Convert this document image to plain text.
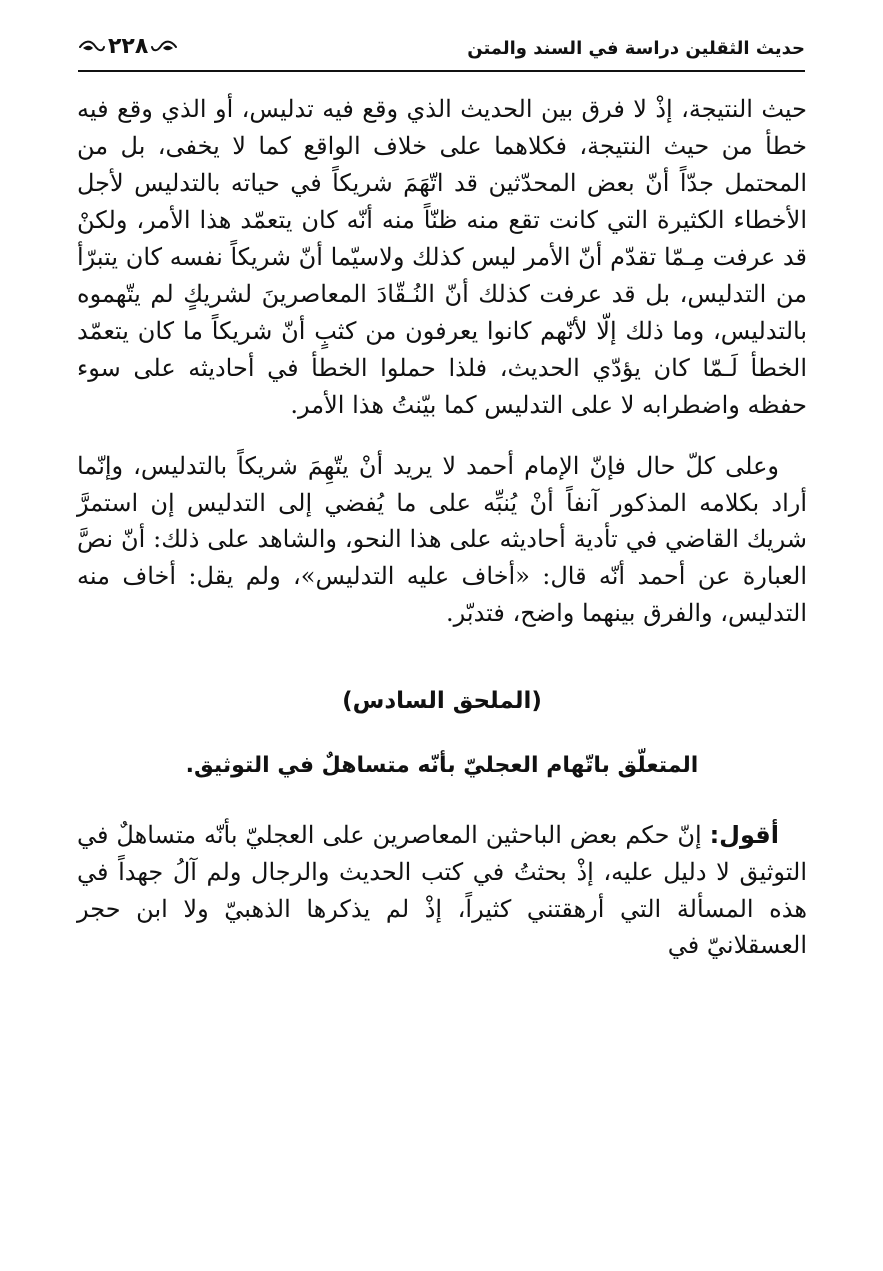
حديث الثقلين دراسة في السند والمتن
٢٢٨

حيث النتيجة، إذْ لا فرق بين الحديث الذي وقع فيه تدليس، أو الذي وقع فيه خطأ من حيث النتيجة، فكلاهما على خلاف الواقع كما لا يخفى، بل من المحتمل جدّاً أنّ بعض المحدّثين قد اتّهَمَ شريكاً في حياته بالتدليس لأجل الأخطاء الكثيرة التي كانت تقع منه ظنّاً منه أنّه كان يتعمّد هذا الأمر، ولكنْ قد عرفت مِـمّا تقدّم أنّ الأمر ليس كذلك ولاسيّما أنّ شريكاً نفسه كان يتبرّأ من التدليس، بل قد عرفت كذلك أنّ النُـقّادَ المعاصرينَ لشريكٍ لم يتّهموه بالتدليس، وما ذلك إلّا لأنّهم كانوا يعرفون من كثبٍ أنّ شريكاً ما كان يتعمّد الخطأ لَـمّا كان يؤدّي الحديث، فلذا حملوا الخطأ في أحاديثه على سوء حفظه واضطرابه لا على التدليس كما بيّنتُ هذا الأمر.

وعلى كلّ حال فإنّ الإمام أحمد لا يريد أنْ يتّهِمَ شريكاً بالتدليس، وإنّما أراد بكلامه المذكور آنفاً أنْ يُنبِّه على ما يُفضي إلى التدليس إن استمرَّ شريك القاضي في تأدية أحاديثه على هذا النحو، والشاهد على ذلك: أنّ نصَّ العبارة عن أحمد أنّه قال: «أخاف عليه التدليس»، ولم يقل: أخاف منه التدليس، والفرق بينهما واضح، فتدبّر.

(الملحق السادس)
المتعلّق باتّهام العجليّ بأنّه متساهلٌ في التوثيق.

أقول: إنّ حكم بعض الباحثين المعاصرين على العجليّ بأنّه متساهلٌ في التوثيق لا دليل عليه، إذْ بحثتُ في كتب الحديث والرجال ولم آلُ جهداً في هذه المسألة التي أرهقتني كثيراً، إذْ لم يذكرها الذهبيّ ولا ابن حجر العسقلانيّ في
